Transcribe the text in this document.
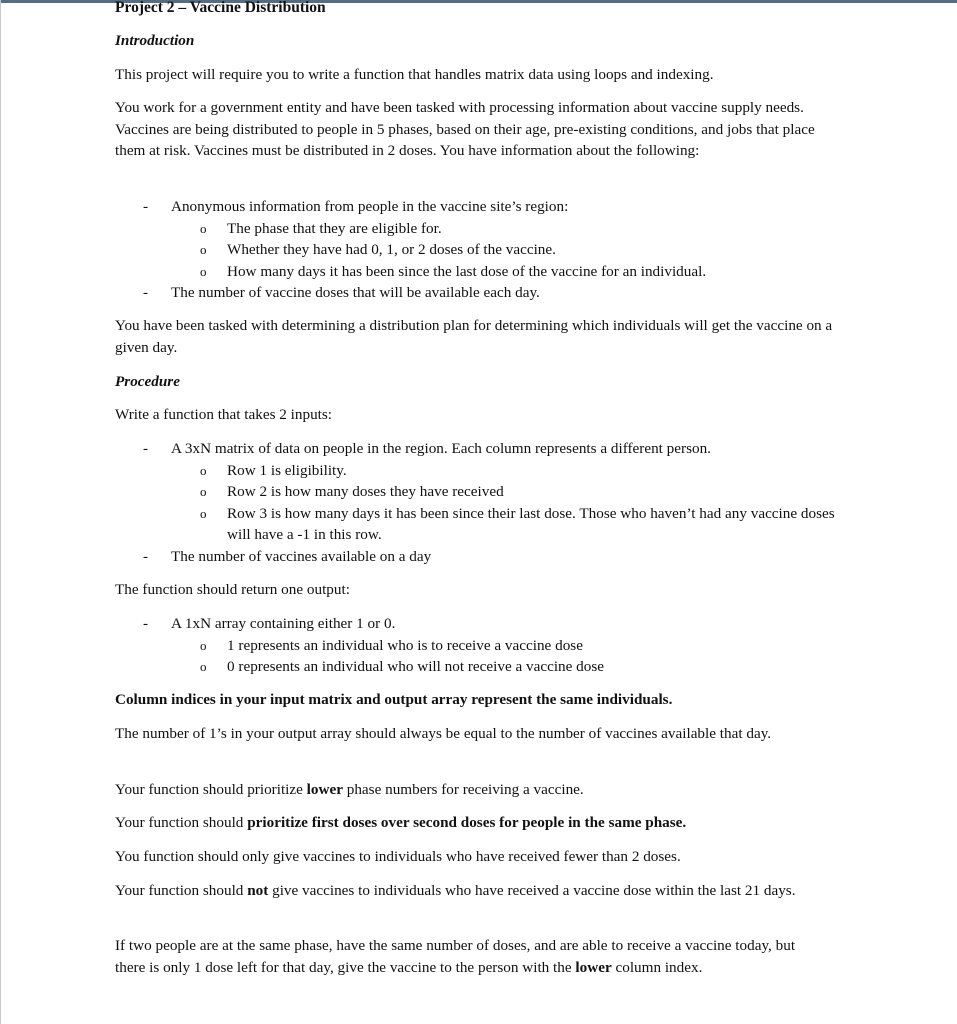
Project 2 – Vaccine Distribution
Introduction

This project will require you to write a function that handles matrix data using loops and indexing.

You work for a government entity and have been tasked with processing information about vaccine supply needs. Vaccines are being distributed to people in 5 phases, based on their age, pre-existing conditions, and jobs that place them at risk. Vaccines must be distributed in 2 doses. You have information about the following:

- Anonymous information from people in the vaccine site’s region:
o The phase that they are eligible for.
o Whether they have had 0, 1, or 2 doses of the vaccine.
o How many days it has been since the last dose of the vaccine for an individual.
- The number of vaccine doses that will be available each day.

You have been tasked with determining a distribution plan for determining which individuals will get the vaccine on a given day.

Procedure

Write a function that takes 2 inputs:

- A 3xN matrix of data on people in the region. Each column represents a different person.
o Row 1 is eligibility.
o Row 2 is how many doses they have received
o Row 3 is how many days it has been since their last dose. Those who haven’t had any vaccine doses will have a -1 in this row.
- The number of vaccines available on a day

The function should return one output:

- A 1xN array containing either 1 or 0.
o 1 represents an individual who is to receive a vaccine dose
o 0 represents an individual who will not receive a vaccine dose

Column indices in your input matrix and output array represent the same individuals.

The number of 1’s in your output array should always be equal to the number of vaccines available that day.

Your function should prioritize lower phase numbers for receiving a vaccine.

Your function should prioritize first doses over second doses for people in the same phase.

You function should only give vaccines to individuals who have received fewer than 2 doses.

Your function should not give vaccines to individuals who have received a vaccine dose within the last 21 days.

If two people are at the same phase, have the same number of doses, and are able to receive a vaccine today, but there is only 1 dose left for that day, give the vaccine to the person with the lower column index.
